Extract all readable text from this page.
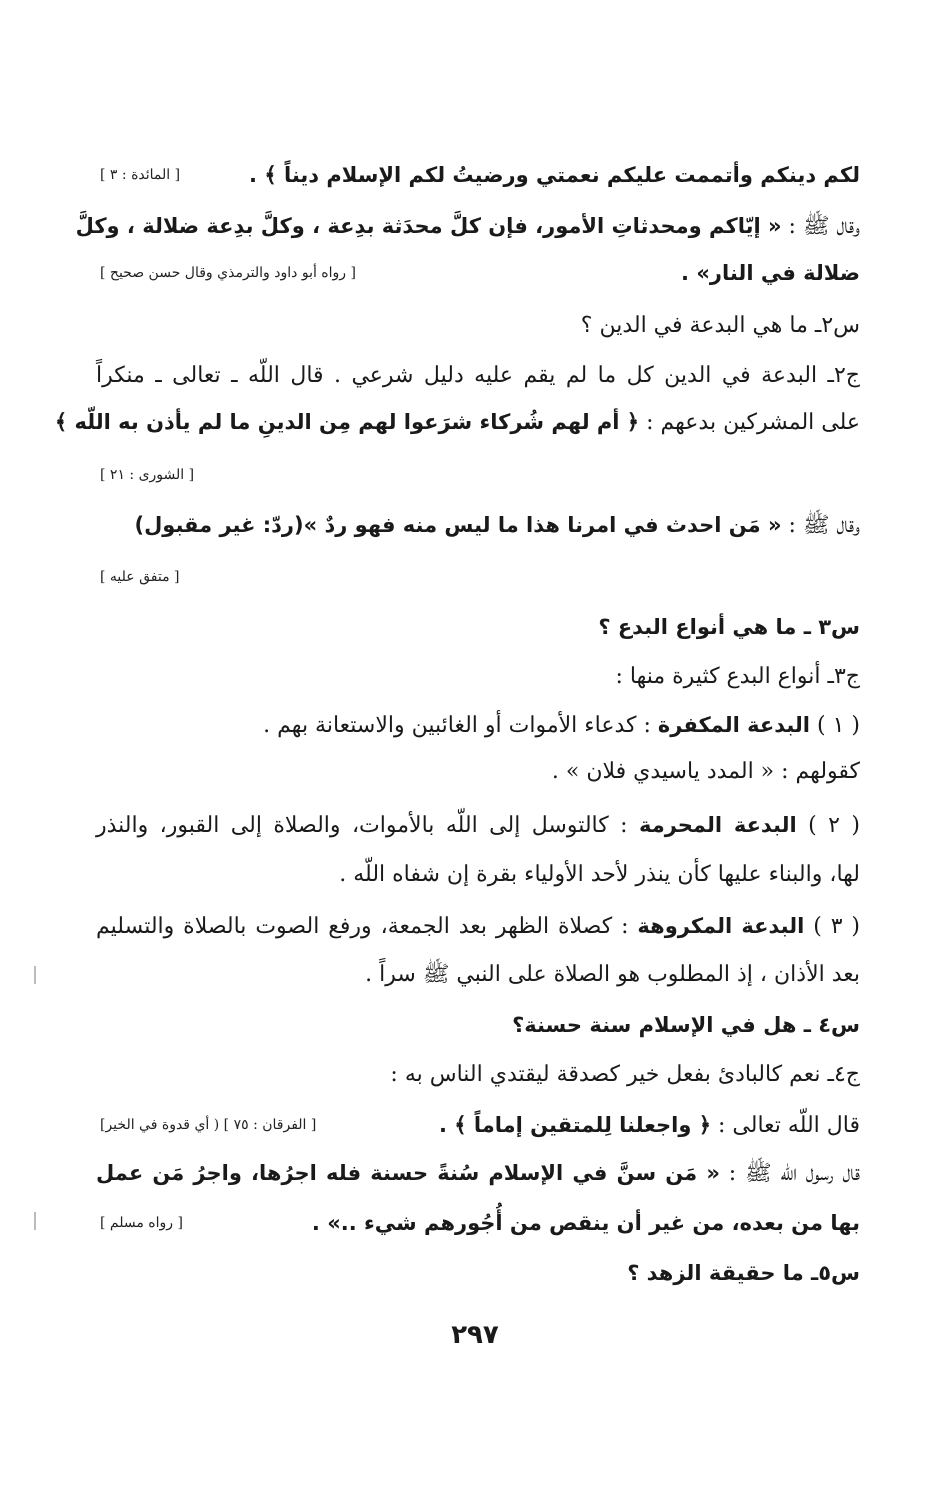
لكم دينكم وأتممت عليكم نعمتي ورضيتُ لكم الإسلام ديناً ﴾ .
[ المائدة : ٣ ]
وقال ﷺ : « إيّاكم ومحدثاتِ الأمور، فإن كلَّ محدَثة بدِعة ، وكلَّ بدِعة ضلالة ، وكلَّ
ضلالة في النار» .
[ رواه أبو داود والترمذي وقال حسن صحيح ]
س٢ـ ما هي البدعة في الدين ؟
ج٢ـ البدعة في الدين كل ما لم يقم عليه دليل شرعي . قال اللّه ـ تعالى ـ منكراً
على المشركين بدعهم : ﴿ أم لهم شُركاء شرَعوا لهم مِن الدينِ ما لم يأذن به اللّه ﴾
[ الشورى : ٢١ ]
وقال ﷺ : « مَن احدث في امرنا هذا ما ليس منه فهو ردٌ »(ردّ: غير مقبول)
[ متفق عليه ]
س٣ ـ ما هي أنواع البدع ؟
ج٣ـ أنواع البدع كثيرة منها :
( ١ ) البدعة المكفرة : كدعاء الأموات أو الغائبين والاستعانة بهم .
كقولهم : « المدد ياسيدي فلان » .
( ٢ ) البدعة المحرمة : كالتوسل إلى اللّه بالأموات، والصلاة إلى القبور، والنذر
لها، والبناء عليها كأن ينذر لأحد الأولياء بقرة إن شفاه اللّه .
( ٣ ) البدعة المكروهة : كصلاة الظهر بعد الجمعة، ورفع الصوت بالصلاة والتسليم
بعد الأذان ، إذ المطلوب هو الصلاة على النبي ﷺ سراً .
س٤ ـ هل في الإسلام سنة حسنة؟
ج٤ـ نعم كالبادئ بفعل خير كصدقة ليقتدي الناس به :
قال اللّه تعالى : ﴿ واجعلنا لِلمتقين إماماً ﴾ .
[ الفرقان : ٧٥ ] ( أي قدوة في الخير]
قال رسول اللّه ﷺ : « مَن سنَّ في الإسلام سُنةً حسنة فله اجرُها، واجرُ مَن عمل
بها من بعده، من غير أن ينقص من أُجُورهم شيء ..» .
[ رواه مسلم ]
س٥ـ ما حقيقة الزهد ؟
٢٩٧
